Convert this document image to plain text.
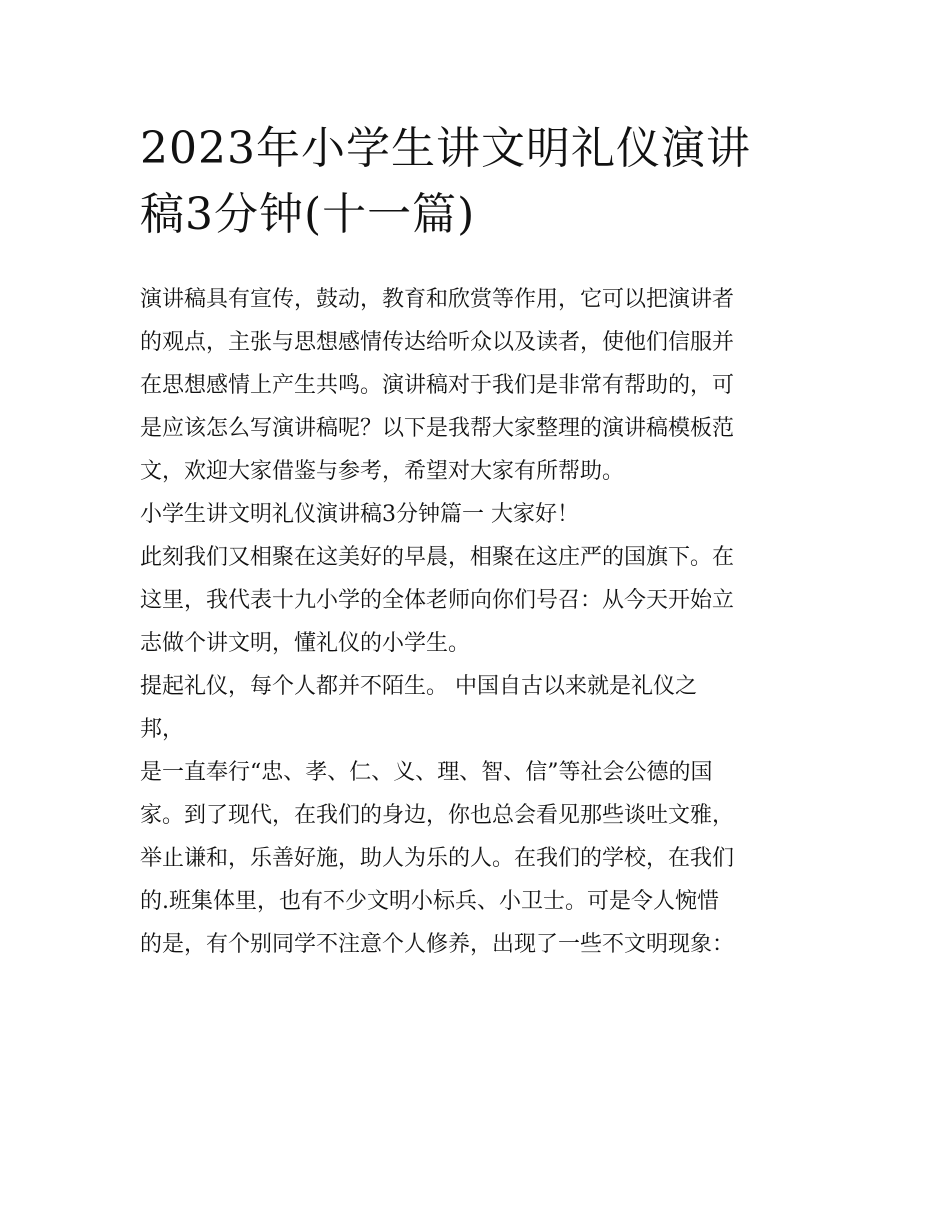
2023年小学生讲文明礼仪演讲
稿3分钟(十一篇)
演讲稿具有宣传，鼓动，教育和欣赏等作用，它可以把演讲者
的观点，主张与思想感情传达给听众以及读者，使他们信服并
在思想感情上产生共鸣。演讲稿对于我们是非常有帮助的，可
是应该怎么写演讲稿呢？以下是我帮大家整理的演讲稿模板范
文，欢迎大家借鉴与参考，希望对大家有所帮助。
小学生讲文明礼仪演讲稿3分钟篇一 大家好！
此刻我们又相聚在这美好的早晨，相聚在这庄严的国旗下。在
这里，我代表十九小学的全体老师向你们号召：从今天开始立
志做个讲文明，懂礼仪的小学生。
提起礼仪，每个人都并不陌生。 中国自古以来就是礼仪之
邦，
是一直奉行“忠、孝、仁、义、理、智、信”等社会公德的国
家。到了现代，在我们的身边，你也总会看见那些谈吐文雅，
举止谦和，乐善好施，助人为乐的人。在我们的学校，在我们
的.班集体里，也有不少文明小标兵、小卫士。可是令人惋惜
的是，有个别同学不注意个人修养，出现了一些不文明现象：
